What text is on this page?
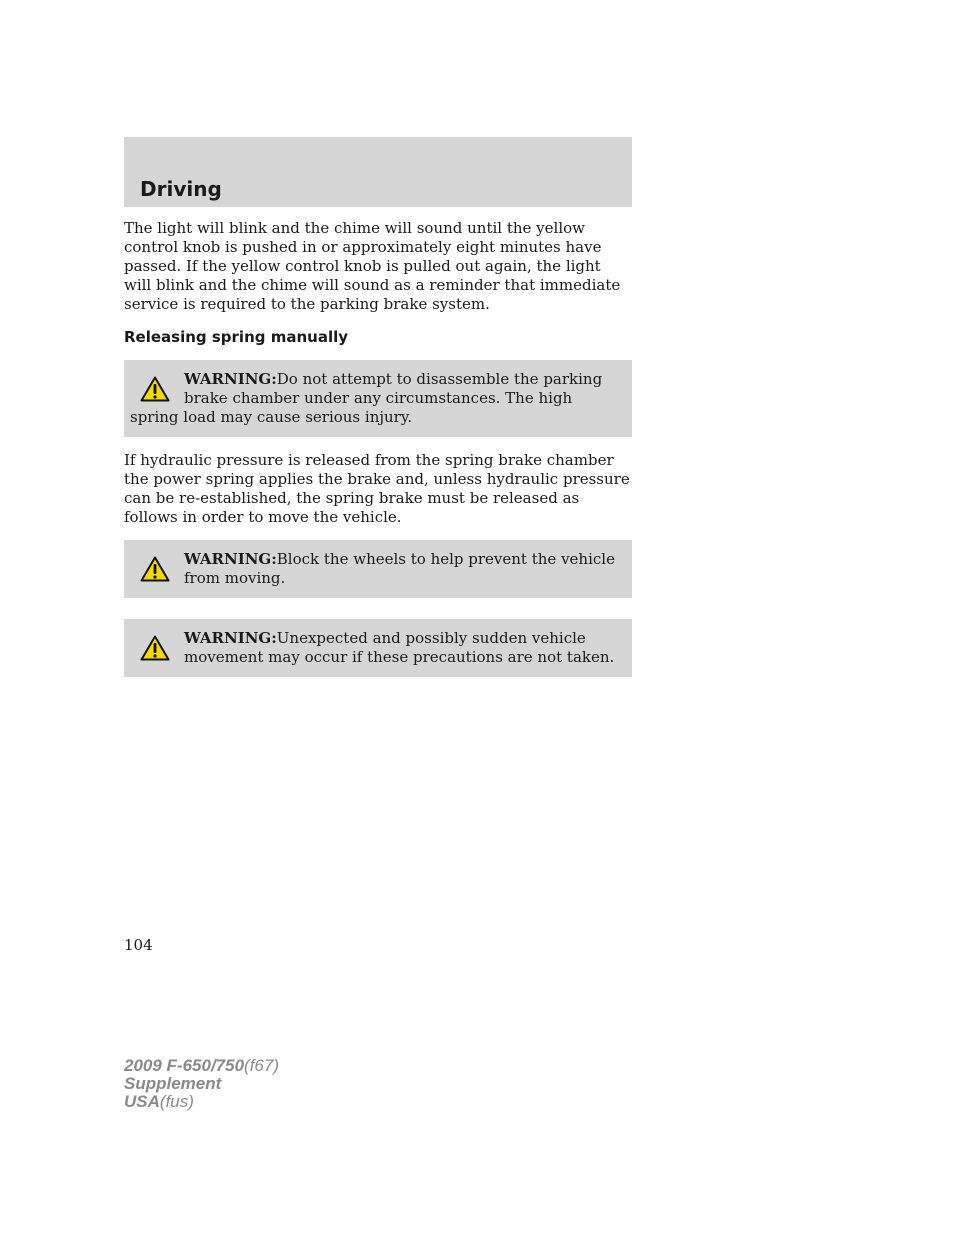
Driving

The light will blink and the chime will sound until the yellow control knob is pushed in or approximately eight minutes have passed. If the yellow control knob is pulled out again, the light will blink and the chime will sound as a reminder that immediate service is required to the parking brake system.

Releasing spring manually
WARNING:Do not attempt to disassemble the parking brake chamber under any circumstances. The high spring load may cause serious injury.

If hydraulic pressure is released from the spring brake chamber the power spring applies the brake and, unless hydraulic pressure can be re-established, the spring brake must be released as follows in order to move the vehicle.

WARNING:Block the wheels to help prevent the vehicle from moving.
WARNING:Unexpected and possibly sudden vehicle movement may occur if these precautions are not taken.

104

2009 F-650/750(f67)
Supplement
USA(fus)
